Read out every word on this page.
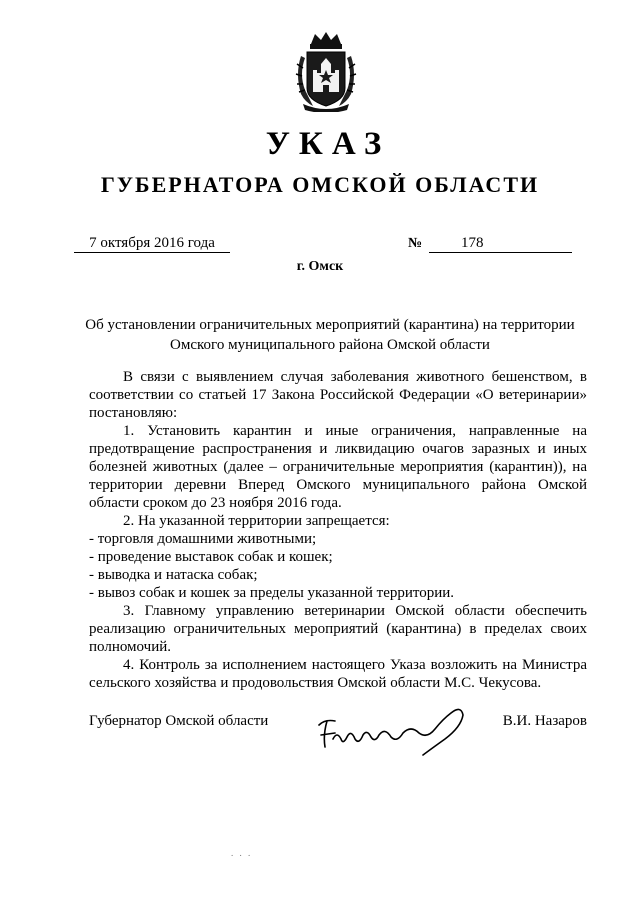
УКАЗ
ГУБЕРНАТОРА ОМСКОЙ ОБЛАСТИ
7 октября 2016 года	№	178
г. Омск
Об установлении ограничительных мероприятий (карантина) на территории
Омского муниципального района Омской области

В связи с выявлением случая заболевания животного бешенством, в соответствии со статьей 17 Закона Российской Федерации «О ветеринарии» постановляю:

1. Установить карантин и иные ограничения, направленные на предотвращение распространения и ликвидацию очагов заразных и иных болезней животных (далее – ограничительные мероприятия (карантин)), на территории деревни Вперед Омского муниципального района Омской области сроком до 23 ноября 2016 года.

2. На указанной территории запрещается:

- торговля домашними животными;

- проведение выставок собак и кошек;

- выводка и натаска собак;

- вывоз собак и кошек за пределы указанной территории.

3. Главному управлению ветеринарии Омской области обеспечить реализацию ограничительных мероприятий (карантина) в пределах своих полномочий.

4. Контроль за исполнением настоящего Указа возложить на Министра сельского хозяйства и продовольствия Омской области М.С. Чекусова.

Губернатор Омской области	В.И. Назаров
. . .
